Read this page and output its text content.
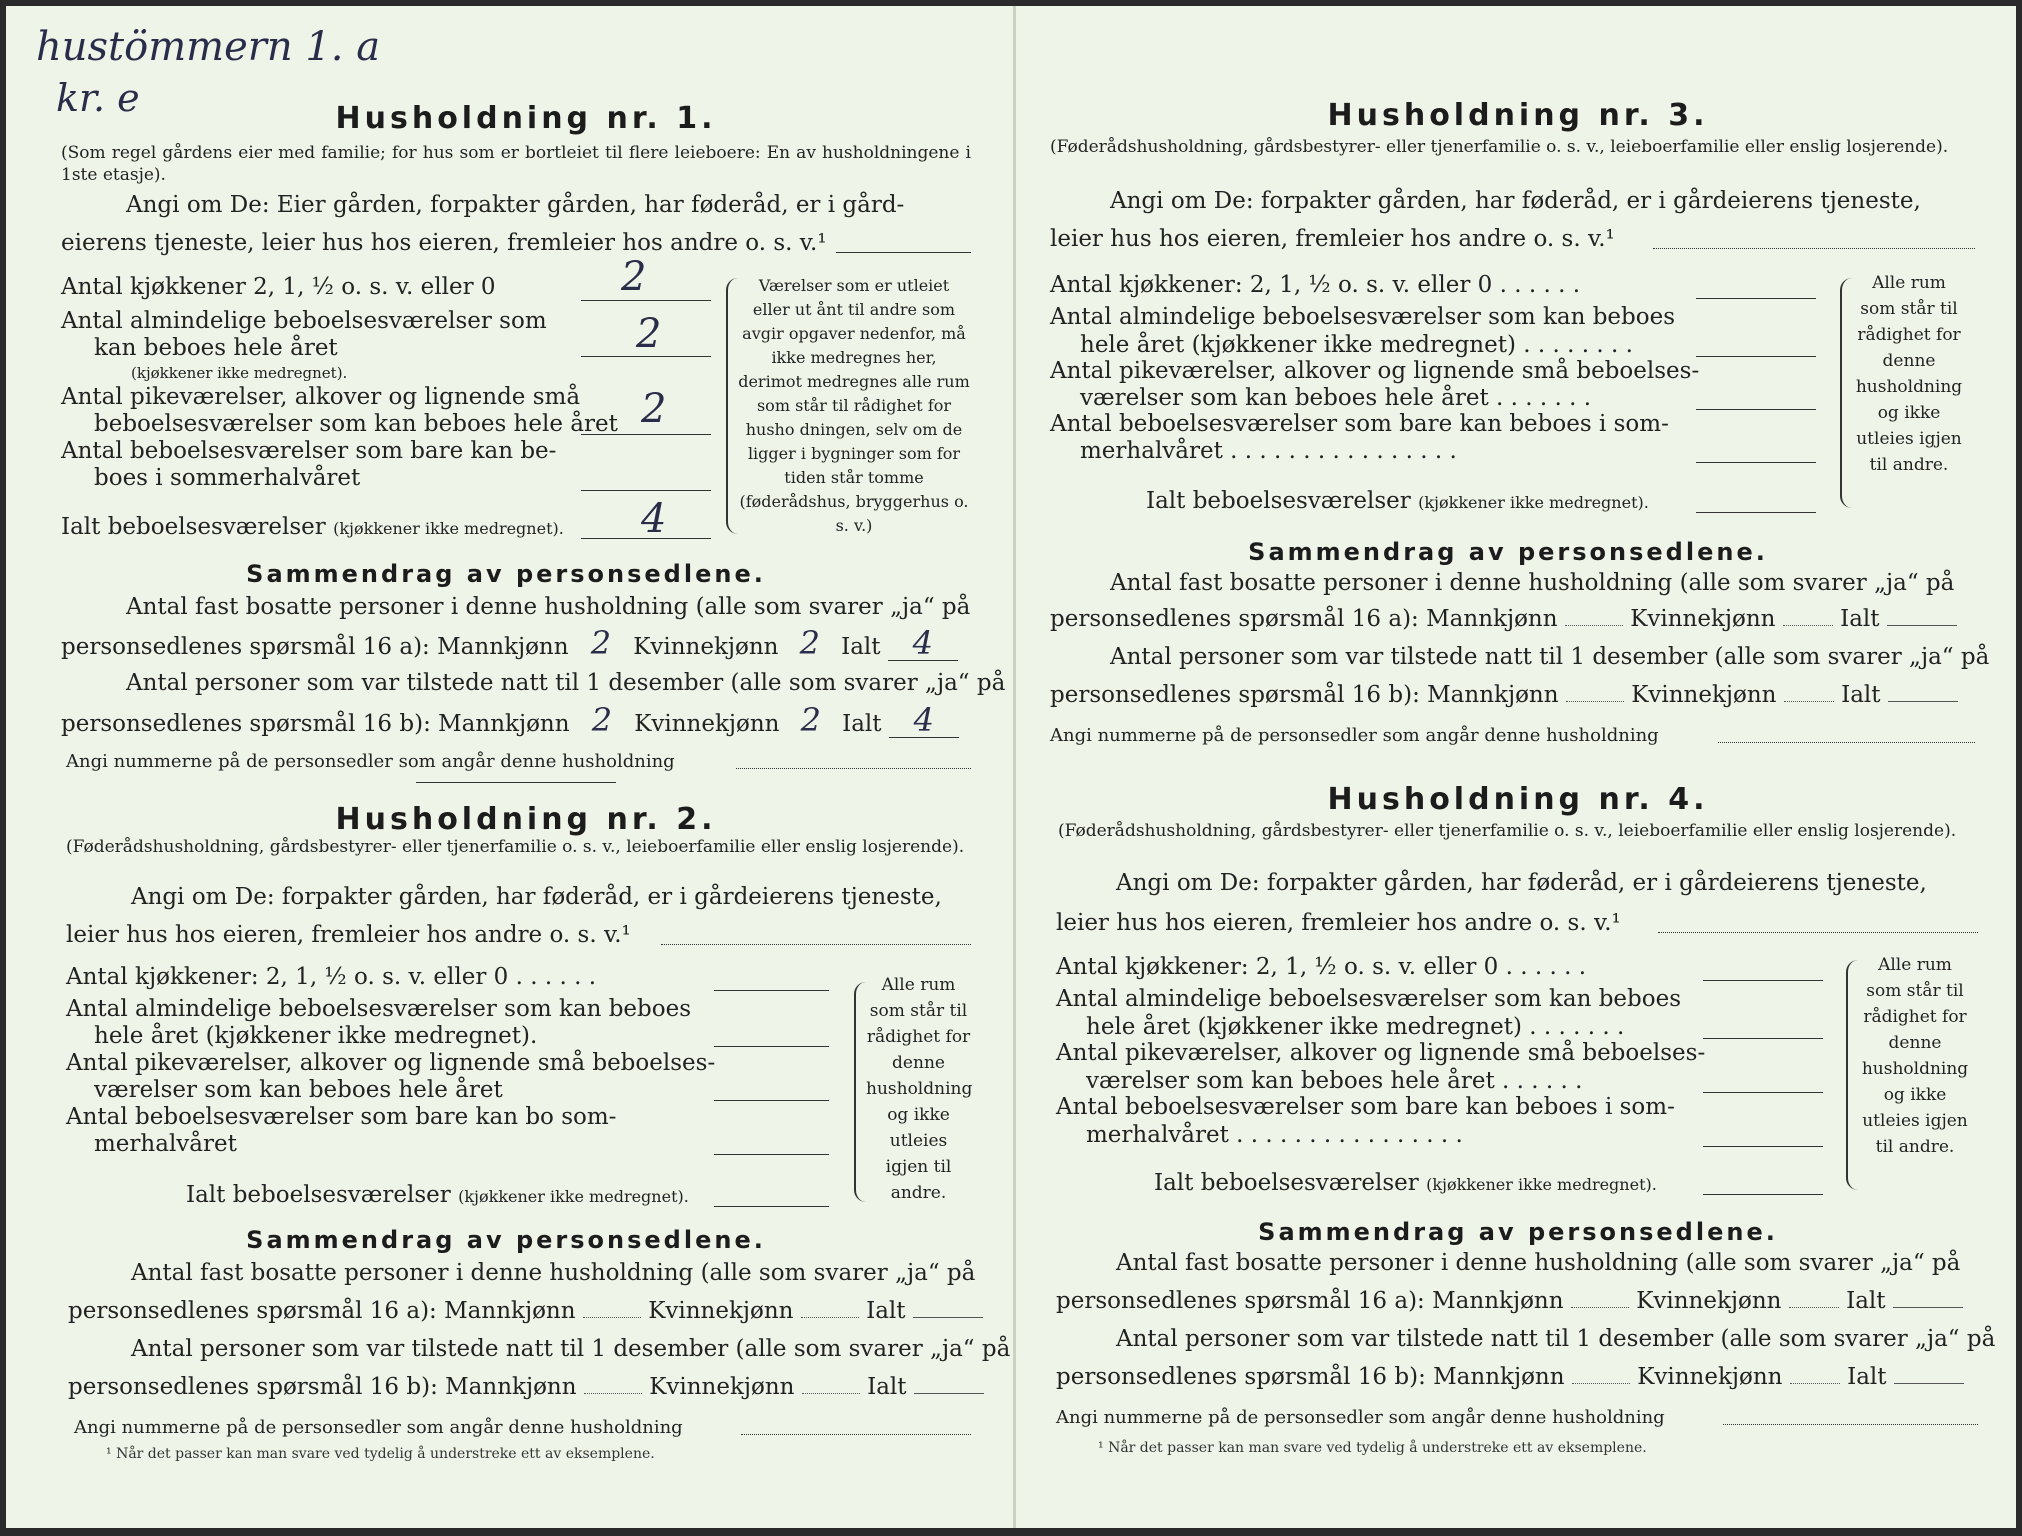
hustömmern 1. a
kr. e	Husholdning nr. 1.
(Som regel gårdens eier med familie; for hus som er bortleiet til flere leieboere: En av husholdningene i 1ste etasje).
Angi om De: Eier gården, forpakter gården, har føderåd, er i gård-
eierens tjeneste, leier hus hos eieren, fremleier hos andre o. s. v.¹
Antal kjøkkener 2, 1, ½ o. s. v. eller 0	2
Antal almindelige beboelsesværelser som
kan beboes hele året
(kjøkkener ikke medregnet).
2
Antal pikeværelser, alkover og lignende små
beboelsesværelser som kan beboes hele året 2
Antal beboelsesværelser som bare kan be-
boes i sommerhalvåret
Ialt beboelsesværelser (kjøkkener ikke medregnet). 4
Værelser som er utleiet eller ut ånt til andre som avgir opgaver nedenfor, må ikke medregnes her, derimot medregnes alle rum som står til rådighet for husho dningen, selv om de ligger i bygninger som for tiden står tomme (føderådshus, bryggerhus o. s. v.)
Sammendrag av personsedlene.
Antal fast bosatte personer i denne husholdning (alle som svarer „ja“ på
personsedlenes spørsmål 16 a): Mannkjønn 2 Kvinnekjønn 2 Ialt 4
Antal personer som var tilstede natt til 1 desember (alle som svarer „ja“ på
personsedlenes spørsmål 16 b): Mannkjønn 2 Kvinnekjønn 2 Ialt 4
Angi nummerne på de personsedler som angår denne husholdning
Husholdning nr. 2.
(Føderådshusholdning, gårdsbestyrer- eller tjenerfamilie o. s. v., leieboerfamilie eller enslig losjerende).
Angi om De: forpakter gården, har føderåd, er i gårdeierens tjeneste,
leier hus hos eieren, fremleier hos andre o. s. v.¹
Antal kjøkkener: 2, 1, ½ o. s. v. eller 0 . . . . . .
Antal almindelige beboelsesværelser som kan beboes
hele året (kjøkkener ikke medregnet).
Antal pikeværelser, alkover og lignende små beboelses-
værelser som kan beboes hele året
Antal beboelsesværelser som bare kan bo som-
merhalvåret
Ialt beboelsesværelser (kjøkkener ikke medregnet).
Alle rum som står til rådighet for denne husholdning og ikke utleies igjen til andre.
Sammendrag av personsedlene.
Antal fast bosatte personer i denne husholdning (alle som svarer „ja“ på
personsedlenes spørsmål 16 a): Mannkjønn	Kvinnekjønn	Ialt
Antal personer som var tilstede natt til 1 desember (alle som svarer „ja“ på
personsedlenes spørsmål 16 b): Mannkjønn	Kvinnekjønn	Ialt
Angi nummerne på de personsedler som angår denne husholdning
¹ Når det passer kan man svare ved tydelig å understreke ett av eksemplene.
Husholdning nr. 3.
(Føderådshusholdning, gårdsbestyrer- eller tjenerfamilie o. s. v., leieboerfamilie eller enslig losjerende).
Angi om De: forpakter gården, har føderåd, er i gårdeierens tjeneste,
leier hus hos eieren, fremleier hos andre o. s. v.¹
Antal kjøkkener: 2, 1, ½ o. s. v. eller 0 . . . . . .
Antal almindelige beboelsesværelser som kan beboes
hele året (kjøkkener ikke medregnet) . . . . . . . .
Antal pikeværelser, alkover og lignende små beboelses-
værelser som kan beboes hele året . . . . . . .
Antal beboelsesværelser som bare kan beboes i som-
merhalvåret . . . . . . . . . . . . . . . .
Ialt beboelsesværelser (kjøkkener ikke medregnet).
Alle rum som står til rådighet for denne husholdning og ikke utleies igjen til andre.
Sammendrag av personsedlene.
Antal fast bosatte personer i denne husholdning (alle som svarer „ja“ på
personsedlenes spørsmål 16 a): Mannkjønn	Kvinnekjønn	Ialt
Antal personer som var tilstede natt til 1 desember (alle som svarer „ja“ på
personsedlenes spørsmål 16 b): Mannkjønn	Kvinnekjønn	Ialt
Angi nummerne på de personsedler som angår denne husholdning
Husholdning nr. 4.
(Føderådshusholdning, gårdsbestyrer- eller tjenerfamilie o. s. v., leieboerfamilie eller enslig losjerende).
Angi om De: forpakter gården, har føderåd, er i gårdeierens tjeneste,
leier hus hos eieren, fremleier hos andre o. s. v.¹
Antal kjøkkener: 2, 1, ½ o. s. v. eller 0 . . . . . .
Antal almindelige beboelsesværelser som kan beboes
hele året (kjøkkener ikke medregnet) . . . . . . .
Antal pikeværelser, alkover og lignende små beboelses-
værelser som kan beboes hele året . . . . . .
Antal beboelsesværelser som bare kan beboes i som-
merhalvåret . . . . . . . . . . . . . . . .
Ialt beboelsesværelser (kjøkkener ikke medregnet).
Alle rum som står til rådighet for denne husholdning og ikke utleies igjen til andre.
Sammendrag av personsedlene.
Antal fast bosatte personer i denne husholdning (alle som svarer „ja“ på
personsedlenes spørsmål 16 a): Mannkjønn	Kvinnekjønn	Ialt
Antal personer som var tilstede natt til 1 desember (alle som svarer „ja“ på
personsedlenes spørsmål 16 b): Mannkjønn	Kvinnekjønn	Ialt
Angi nummerne på de personsedler som angår denne husholdning
¹ Når det passer kan man svare ved tydelig å understreke ett av eksemplene.
